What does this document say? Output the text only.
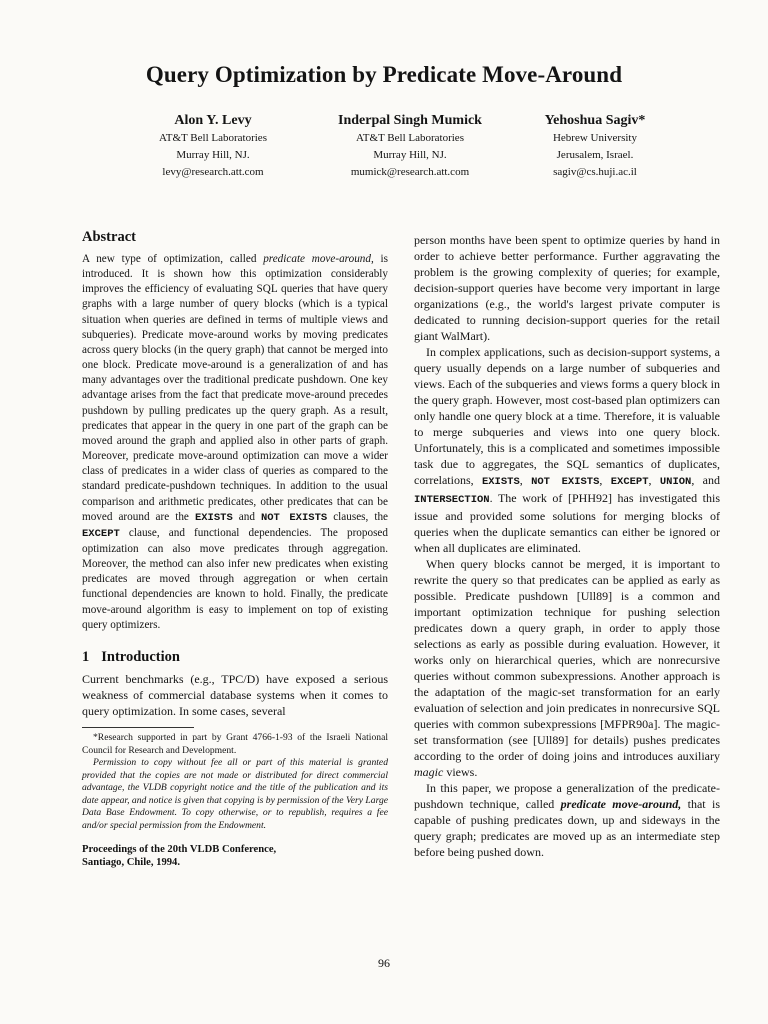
Query Optimization by Predicate Move-Around
Alon Y. Levy
AT&T Bell Laboratories
Murray Hill, NJ.
levy@research.att.com
Inderpal Singh Mumick
AT&T Bell Laboratories
Murray Hill, NJ.
mumick@research.att.com
Yehoshua Sagiv*
Hebrew University
Jerusalem, Israel.
sagiv@cs.huji.ac.il
Abstract

A new type of optimization, called predicate move-around, is introduced. It is shown how this optimization considerably improves the efficiency of evaluating SQL queries that have query graphs with a large number of query blocks (which is a typical situation when queries are defined in terms of multiple views and subqueries). Predicate move-around works by moving predicates across query blocks (in the query graph) that cannot be merged into one block. Predicate move-around is a generalization of and has many advantages over the traditional predicate pushdown. One key advantage arises from the fact that predicate move-around precedes pushdown by pulling predicates up the query graph. As a result, predicates that appear in the query in one part of the graph can be moved around the graph and applied also in other parts of graph. Moreover, predicate move-around optimization can move a wider class of predicates in a wider class of queries as compared to the standard predicate-pushdown techniques. In addition to the usual comparison and arithmetic predicates, other predicates that can be moved around are the EXISTS and NOT EXISTS clauses, the EXCEPT clause, and functional dependencies. The proposed optimization can also move predicates through aggregation. Moreover, the method can also infer new predicates when existing predicates are moved through aggregation or when certain functional dependencies are known to hold. Finally, the predicate move-around algorithm is easy to implement on top of existing query optimizers.

1 Introduction

Current benchmarks (e.g., TPC/D) have exposed a serious weakness of commercial database systems when it comes to query optimization. In some cases, several

*Research supported in part by Grant 4766-1-93 of the Israeli National Council for Research and Development.

Permission to copy without fee all or part of this material is granted provided that the copies are not made or distributed for direct commercial advantage, the VLDB copyright notice and the title of the publication and its date appear, and notice is given that copying is by permission of the Very Large Data Base Endowment. To copy otherwise, or to republish, requires a fee and/or special permission from the Endowment.

Proceedings of the 20th VLDB Conference,
Santiago, Chile, 1994.

person months have been spent to optimize queries by hand in order to achieve better performance. Further aggravating the problem is the growing complexity of queries; for example, decision-support queries have become very important in large organizations (e.g., the world's largest private computer is dedicated to running decision-support queries for the retail giant WalMart).

In complex applications, such as decision-support systems, a query usually depends on a large number of subqueries and views. Each of the subqueries and views forms a query block in the query graph. However, most cost-based plan optimizers can only handle one query block at a time. Therefore, it is valuable to merge subqueries and views into one query block. Unfortunately, this is a complicated and sometimes impossible task due to aggregates, the SQL semantics of duplicates, correlations, EXISTS, NOT EXISTS, EXCEPT, UNION, and INTERSECTION. The work of [PHH92] has investigated this issue and provided some solutions for merging blocks of queries when the duplicate semantics can either be ignored or when all duplicates are eliminated.

When query blocks cannot be merged, it is important to rewrite the query so that predicates can be applied as early as possible. Predicate pushdown [Ull89] is a common and important optimization technique for pushing selection predicates down a query graph, in order to apply those selections as early as possible during evaluation. However, it works only on hierarchical queries, which are nonrecursive queries without common subexpressions. Another approach is the adaptation of the magic-set transformation for an early evaluation of selection and join predicates in nonrecursive SQL queries with common subexpressions [MFPR90a]. The magic-set transformation (see [Ull89] for details) pushes predicates according to the order of doing joins and introduces auxiliary magic views.

In this paper, we propose a generalization of the predicate-pushdown technique, called predicate move-around, that is capable of pushing predicates down, up and sideways in the query graph; predicates are moved up as an intermediate step before being pushed down.

96
